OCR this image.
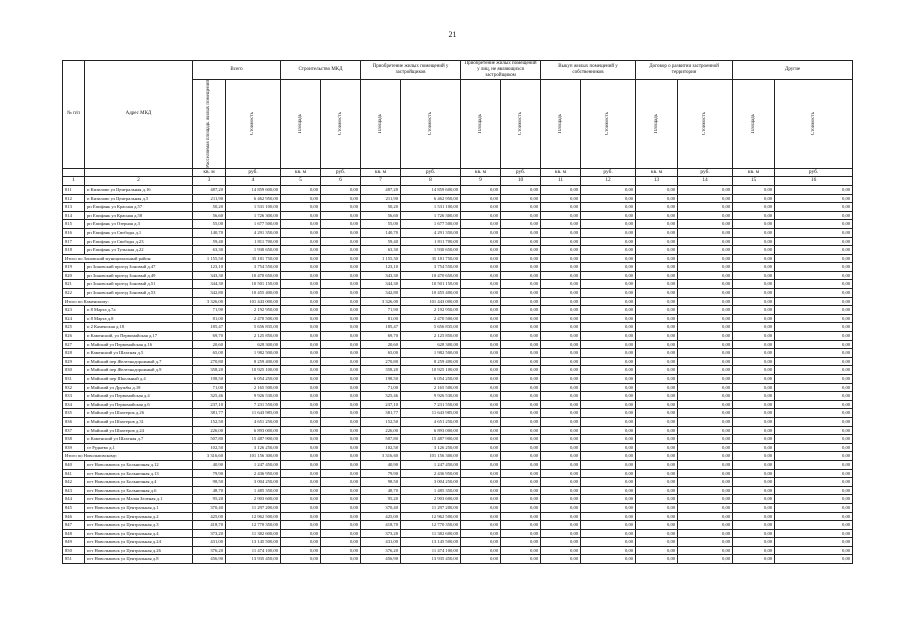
21
№ п/п	Адрес МКД	Всего		Строительство МКД		Приобретение жилых помещений у застройщиков		Приобретение жилых помещений у лиц, не являющихся застройщиком		Выкуп жилых помещений у собственников		Договор о развитии застроенной территории		Другие	

		Расселяемая площадь жилых помещений	Стоимость	Площадь	Стоимость	Площадь	Стоимость	Площадь	Стоимость	Площадь	Стоимость	Площадь	Стоимость	Площадь	Стоимость

		кв. м	руб.	кв. м	руб.	кв. м	руб.	кв. м	руб.	кв. м	руб.	кв. м	руб.	кв. м	руб.
1	2	3	4	5	6	7	8	9	10	11	12	13	14	15	16
811	п Кизилово ул Центральная д.16	487,20	14 859 600,00	0,00	0,00	487,20	14 859 600,00	0,00	0,00	0,00	0,00	0,00	0,00	0,00	0,00
812	п Кизилово ул Центральная д.5	211,90	6 462 950,00	0,00	0,00	211,90	6 462 950,00	0,00	0,00	0,00	0,00	0,00	0,00	0,00	0,00
813	рп Епифань ул Красная д.57	50,20	1 531 100,00	0,00	0,00	50,20	1 531 100,00	0,00	0,00	0,00	0,00	0,00	0,00	0,00	0,00
814	рп Епифань ул Красная д.58	56,60	1 726 300,00	0,00	0,00	56,60	1 726 300,00	0,00	0,00	0,00	0,00	0,00	0,00	0,00	0,00
815	рп Епифань ул Озерная д.3	55,00	1 677 500,00	0,00	0,00	55,00	1 677 500,00	0,00	0,00	0,00	0,00	0,00	0,00	0,00	0,00
816	рп Епифань ул Свободы д.1	140,70	4 291 350,00	0,00	0,00	140,70	4 291 350,00	0,00	0,00	0,00	0,00	0,00	0,00	0,00	0,00
817	рп Епифань ул Свободы д.23	59,40	1 811 700,00	0,00	0,00	59,40	1 811 700,00	0,00	0,00	0,00	0,00	0,00	0,00	0,00	0,00
818	рп Епифань ул Тульская д.22	63,30	1 930 650,00	0,00	0,00	63,30	1 930 650,00	0,00	0,00	0,00	0,00	0,00	0,00	0,00	0,00
Итого по Зоновский муниципальный район:		1 155,50	35 181 750,00	0,00	0,00	1 155,50	35 181 750,00	0,00	0,00	0,00	0,00	0,00	0,00	0,00	0,00
819	рп Зоновский проезд Зоновый д.47	123,10	3 754 550,00	0,00	0,00	123,10	3 754 550,00	0,00	0,00	0,00	0,00	0,00	0,00	0,00	0,00
820	рп Зоновский проезд Зоновый д.49	343,30	10 470 650,00	0,00	0,00	343,30	10 470 650,00	0,00	0,00	0,00	0,00	0,00	0,00	0,00	0,00
821	рп Зоновский проезд Зоновый д.51	344,30	10 501 150,00	0,00	0,00	344,30	10 501 150,00	0,00	0,00	0,00	0,00	0,00	0,00	0,00	0,00
822	рп Зоновский проезд Зоновый д.53	342,80	10 455 400,00	0,00	0,00	342,80	10 455 400,00	0,00	0,00	0,00	0,00	0,00	0,00	0,00	0,00
Итого по Каменскому:		3 326,00	101 443 000,00	0,00	0,00	3 326,00	101 443 000,00	0,00	0,00	0,00	0,00	0,00	0,00	0,00	0,00
823	п 8 Марта д.7а	71,90	2 192 950,00	0,00	0,00	71,90	2 192 950,00	0,00	0,00	0,00	0,00	0,00	0,00	0,00	0,00
824	п 8 Марта д.8	81,00	2 470 500,00	0,00	0,00	81,00	2 470 500,00	0,00	0,00	0,00	0,00	0,00	0,00	0,00	0,00
825	п 2 Каменская д.18	185,47	5 656 835,00	0,00	0,00	185,47	5 656 835,00	0,00	0,00	0,00	0,00	0,00	0,00	0,00	0,00
826	п Каменский, ул Первомайская д.17	69,70	2 125 850,00	0,00	0,00	69,70	2 125 850,00	0,00	0,00	0,00	0,00	0,00	0,00	0,00	0,00
827	п Майский ул Первомайская д.16	20,60	628 300,00	0,00	0,00	20,60	628 300,00	0,00	0,00	0,00	0,00	0,00	0,00	0,00	0,00
828	п Каменский ул Шахтная д.5	65,00	1 982 500,00	0,00	0,00	65,00	1 982 500,00	0,00	0,00	0,00	0,00	0,00	0,00	0,00	0,00
829	п Майский пер Железнодорожный д.7	270,80	8 259 400,00	0,00	0,00	270,80	8 259 400,00	0,00	0,00	0,00	0,00	0,00	0,00	0,00	0,00
830	п Майский пер Железнодорожный д.9	358,20	10 925 100,00	0,00	0,00	358,20	10 925 100,00	0,00	0,00	0,00	0,00	0,00	0,00	0,00	0,00
831	п Майский пер Школьный д.4	198,50	6 054 250,00	0,00	0,00	198,50	6 054 250,00	0,00	0,00	0,00	0,00	0,00	0,00	0,00	0,00
832	п Майский ул Дружбы д.18	71,00	2 165 500,00	0,00	0,00	71,00	2 165 500,00	0,00	0,00	0,00	0,00	0,00	0,00	0,00	0,00
833	п Майский ул Первомайская д.4	325,46	9 926 530,00	0,00	0,00	325,46	9 926 530,00	0,00	0,00	0,00	0,00	0,00	0,00	0,00	0,00
834	п Майский ул Первомайская д.6	237,10	7 231 550,00	0,00	0,00	237,10	7 231 550,00	0,00	0,00	0,00	0,00	0,00	0,00	0,00	0,00
835	п Майский ул Шахтерок д.26	381,77	11 643 985,00	0,00	0,00	381,77	11 643 985,00	0,00	0,00	0,00	0,00	0,00	0,00	0,00	0,00
836	п Майский ул Шахтеров д.31	152,50	4 651 250,00	0,00	0,00	152,50	4 651 250,00	0,00	0,00	0,00	0,00	0,00	0,00	0,00	0,00
837	п Майский ул Шахтеров д.24	226,00	6 893 000,00	0,00	0,00	226,00	6 893 000,00	0,00	0,00	0,00	0,00	0,00	0,00	0,00	0,00
838	п Каменский ул Шахтная д.7	507,80	15 487 900,00	0,00	0,00	507,80	15 487 900,00	0,00	0,00	0,00	0,00	0,00	0,00	0,00	0,00
839	ст Руднево д.1	102,50	3 126 250,00	0,00	0,00	102,50	3 126 250,00	0,00	0,00	0,00	0,00	0,00	0,00	0,00	0,00
Итого по Новольвовскому:		3 316,60	101 156 300,00	0,00	0,00	3 316,60	101 156 300,00	0,00	0,00	0,00	0,00	0,00	0,00	0,00	0,00
840	пгт Новольвовск ул Больничная д.12	40,90	1 247 450,00	0,00	0,00	40,90	1 247 450,00	0,00	0,00	0,00	0,00	0,00	0,00	0,00	0,00
841	пгт Новольвовск ул Больничная д.13	79,90	2 436 950,00	0,00	0,00	79,90	2 436 950,00	0,00	0,00	0,00	0,00	0,00	0,00	0,00	0,00
842	пгт Новольвовск ул Больничная д.4	98,50	3 004 250,00	0,00	0,00	98,50	3 004 250,00	0,00	0,00	0,00	0,00	0,00	0,00	0,00	0,00
843	пгт Новольвовск ул Больничная д.6	48,70	1 485 350,00	0,00	0,00	48,70	1 485 350,00	0,00	0,00	0,00	0,00	0,00	0,00	0,00	0,00
844	пгт Новольвовск ул Малая Зеленая д.1	95,20	2 903 600,00	0,00	0,00	95,20	2 903 600,00	0,00	0,00	0,00	0,00	0,00	0,00	0,00	0,00
845	пгт Новольвовск ул Центральная д.1	370,40	11 297 200,00	0,00	0,00	370,40	11 297 200,00	0,00	0,00	0,00	0,00	0,00	0,00	0,00	0,00
846	пгт Новольвовск ул Центральная д.2	425,00	12 962 500,00	0,00	0,00	425,00	12 962 500,00	0,00	0,00	0,00	0,00	0,00	0,00	0,00	0,00
847	пгт Новольвовск ул Центральная д.3	418,70	12 770 350,00	0,00	0,00	418,70	12 770 350,00	0,00	0,00	0,00	0,00	0,00	0,00	0,00	0,00
848	пгт Новольвовск ул Центральная д.4	373,20	11 382 600,00	0,00	0,00	373,20	11 382 600,00	0,00	0,00	0,00	0,00	0,00	0,00	0,00	0,00
849	пгт Новольвовск ул Центральная д.24	431,00	13 145 500,00	0,00	0,00	431,00	13 145 500,00	0,00	0,00	0,00	0,00	0,00	0,00	0,00	0,00
850	пгт Новольвовск ул Центральная д.26	376,20	11 474 100,00	0,00	0,00	376,20	11 474 100,00	0,00	0,00	0,00	0,00	0,00	0,00	0,00	0,00
851	пгт Новольвовск ул Центральная д.8	456,90	13 935 450,00	0,00	0,00	456,90	13 935 450,00	0,00	0,00	0,00	0,00	0,00	0,00	0,00	0,00
